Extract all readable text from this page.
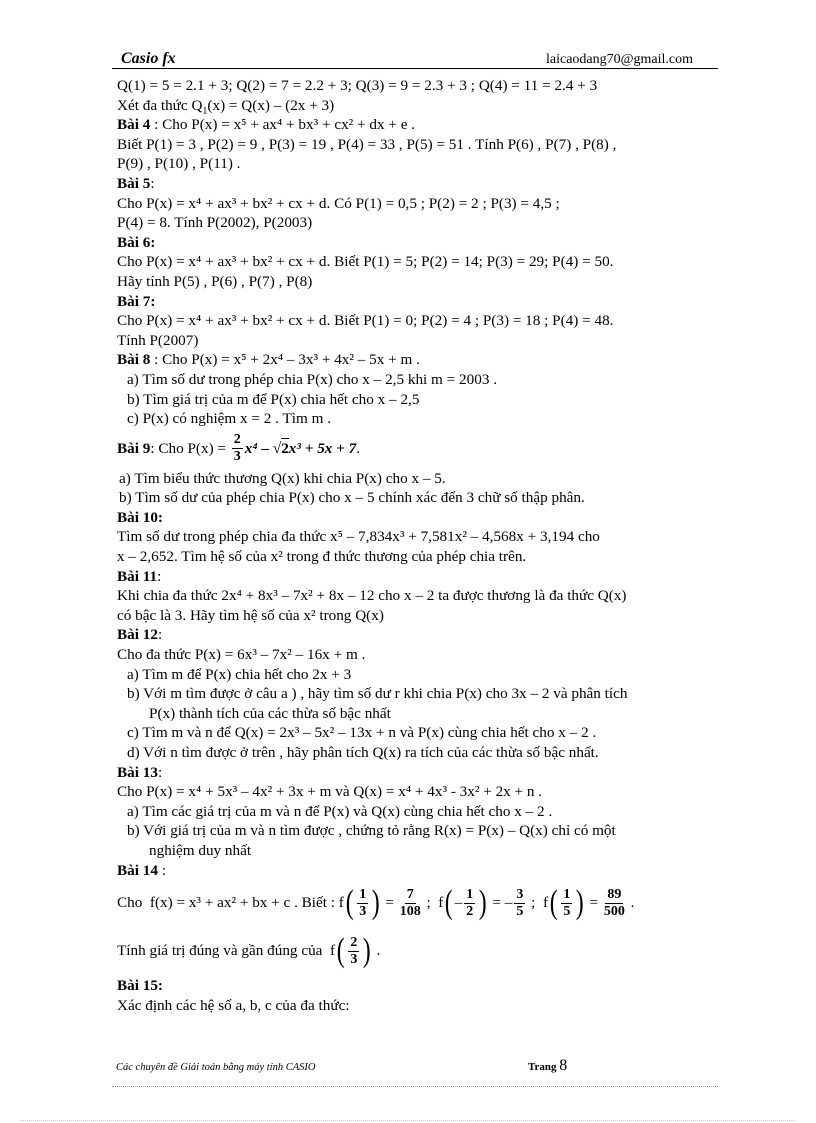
Casio fx	laicaodang70@gmail.com
Q(1) = 5 = 2.1 + 3; Q(2) = 7 = 2.2 + 3; Q(3) = 9 = 2.3 + 3 ; Q(4) = 11 = 2.4 + 3
Xét đa thức $Q_1(x) = Q(x) - (2x + 3)$
Bài 4 : Cho P(x) = x⁵ + ax⁴ + bx³ + cx² + dx + e .
Biết P(1) = 3 , P(2) = 9 , P(3) = 19 , P(4) = 33 , P(5) = 51 . Tính P(6) , P(7) , P(8) ,
P(9) , P(10) , P(11) .
Bài 5:
Cho P(x) = x⁴ + ax³ + bx² + cx + d. Có P(1) = 0,5 ; P(2) = 2 ; P(3) = 4,5 ;
P(4) = 8. Tính P(2002), P(2003)
Bài 6:
Cho P(x) = x⁴ + ax³ + bx² + cx + d. Biết P(1) = 5; P(2) = 14; P(3) = 29; P(4) = 50.
Hãy tính P(5) , P(6) , P(7) , P(8)
Bài 7:
Cho P(x) = x⁴ + ax³ + bx² + cx + d. Biết P(1) = 0; P(2) = 4 ; P(3) = 18 ; P(4) = 48.
Tính P(2007)
Bài 8 : Cho P(x) = x⁵ + 2x⁴ – 3x³ + 4x² – 5x + m .
a) Tìm số dư trong phép chia P(x) cho x – 2,5 khi m = 2003 .
b) Tìm giá trị của m để P(x) chia hết cho x – 2,5
c) P(x) có nghiệm x = 2 . Tìm m .
Bài 9 : Cho $P(x) = \frac{2}{3} x^4$ – √ 2 x³ + 5x + 7 .
a) Tìm biểu thức thương Q(x) khi chia P(x) cho x – 5.
b) Tìm số dư của phép chia P(x) cho x – 5 chính xác đến 3 chữ số thập phân.
Bài 10:
Tìm số dư trong phép chia đa thức x⁵ – 7,834x³ + 7,581x² – 4,568x + 3,194 cho
x – 2,652. Tìm hệ số của x² trong đ thức thương của phép chia trên.
Bài 11:
Khi chia đa thức 2x⁴ + 8x³ – 7x² + 8x – 12 cho x – 2 ta được thương là đa thức Q(x)
có bậc là 3. Hãy tìm hệ số của x² trong Q(x)
Bài 12:
Cho đa thức P(x) = 6x³ – 7x² – 16x + m .
a) Tìm m để P(x) chia hết cho 2x + 3
b) Với m tìm được ở câu a ) , hãy tìm số dư r khi chia P(x) cho 3x – 2 và phân tích
P(x) thành tích của các thừa số bậc nhất
c) Tìm m và n để Q(x) = 2x³ – 5x² – 13x + n và P(x) cùng chia hết cho x – 2 .
d) Với n tìm được ở trên , hãy phân tích Q(x) ra tích của các thừa số bậc nhất.
Bài 13:
Cho P(x) = x⁴ + 5x³ – 4x² + 3x + m và Q(x) = x⁴ + 4x³ - 3x² + 2x + n .
a) Tìm các giá trị của m và n để P(x) và Q(x) cùng chia hết cho x – 2 .
b) Với giá trị của m và n tìm được , chứng tỏ rằng R(x) = P(x) – Q(x) chỉ có một
nghiệm duy nhất
Bài 14 :
Cho  f(x) = x³ + ax² + bx + c . Biết : f ( $\frac{1}{3}$ ) = $\frac{7}{108}$ ;  f ( – $\frac{1}{2}$ ) = – $\frac{3}{5}$ ;  f ( $\frac{1}{5}$ ) = $\frac{89}{500}$ .
Tính giá trị đúng và gần đúng của  f ( $\frac{2}{3}$ ) .
Bài 15:
Xác định các hệ số a, b, c của đa thức:
Các chuyên đề Giải toán bằng máy tính CASIO	Trang 8
